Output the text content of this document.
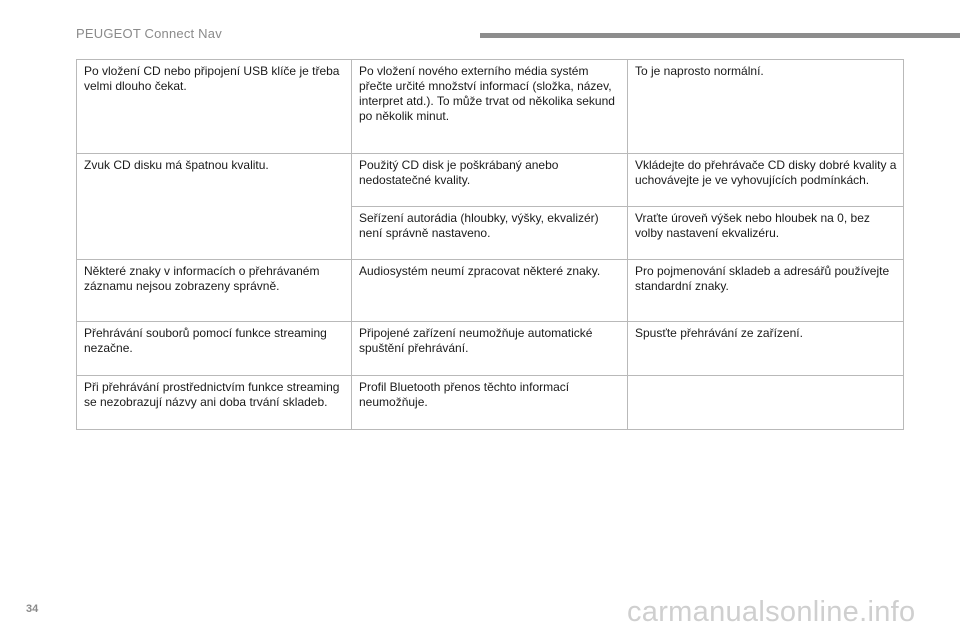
PEUGEOT Connect Nav
Po vložení CD nebo připojení USB klíče je třeba velmi dlouho čekat.	Po vložení nového externího média systém přečte určité množství informací (složka, název, interpret atd.). To může trvat od několika sekund po několik minut.	To je naprosto normální.

Zvuk CD disku má špatnou kvalitu.	Použitý CD disk je poškrábaný anebo nedostatečné kvality.	Vkládejte do přehrávače CD disky dobré kvality a uchovávejte je ve vyhovujících podmínkách.

	Seřízení autorádia (hloubky, výšky, ekvalizér) není správně nastaveno.	Vraťte úroveň výšek nebo hloubek na 0, bez volby nastavení ekvalizéru.

Některé znaky v informacích o přehrávaném záznamu nejsou zobrazeny správně.	Audiosystém neumí zpracovat některé znaky.	Pro pojmenování skladeb a adresářů používejte standardní znaky.

Přehrávání souborů pomocí funkce streaming nezačne.	Připojené zařízení neumožňuje automatické spuštění přehrávání.	Spusťte přehrávání ze zařízení.

Při přehrávání prostřednictvím funkce streaming se nezobrazují názvy ani doba trvání skladeb.	Profil Bluetooth přenos těchto informací neumožňuje.	

34	carmanualsonline.info
